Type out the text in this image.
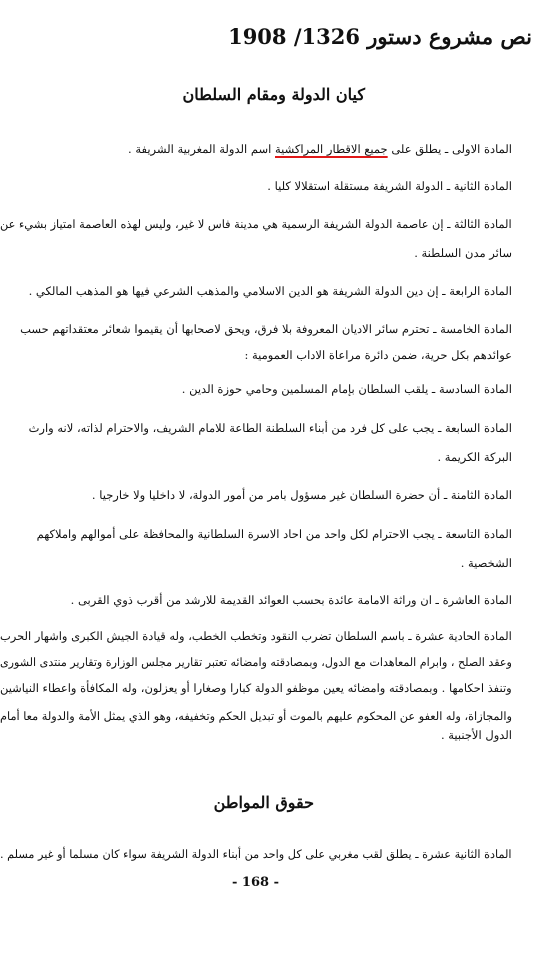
نص مشروع دستور 1326/ 1908
كيان الدولة ومقام السلطان
المادة الاولى ـ يطلق على جميع الاقطار المراكشية اسم الدولة المغربية الشريفة .
المادة الثانية ـ الدولة الشريفة مستقلة استقلالا كليا .
المادة الثالثة ـ إن عاصمة الدولة الشريفة الرسمية هي مدينة فاس لا غير، وليس لهذه العاصمة امتياز بشيء عن
سائر مدن السلطنة .
المادة الرابعة ـ إن دين الدولة الشريفة هو الدين الاسلامي والمذهب الشرعي فيها هو المذهب المالكي .
المادة الخامسة ـ تحترم سائر الاديان المعروفة بلا فرق، ويحق لاصحابها أن يقيموا شعائر معتقداتهم حسب
عوائدهم بكل حرية، ضمن دائرة مراعاة الاداب العمومية :
المادة السادسة ـ يلقب السلطان بإمام المسلمين وحامي حوزة الدين .
المادة السابعة ـ يجب على كل فرد من أبناء السلطنة الطاعة للامام الشريف، والاحترام لذاته، لانه وارث
البركة الكريمة .
المادة الثامنة ـ أن حضرة السلطان غير مسؤول بامر من أمور الدولة، لا داخليا ولا خارجيا .
المادة التاسعة ـ يجب الاحترام لكل واحد من احاد الاسرة السلطانية والمحافظة على أموالهم واملاكهم
الشخصية .
المادة العاشرة ـ ان وراثة الامامة عائدة بحسب العوائد القديمة للارشد من أقرب ذوي القربى .
المادة الحادية عشرة ـ باسم السلطان تضرب النقود وتخطب الخطب، وله قيادة الجيش الكبرى واشهار الحرب
وعقد الصلح ، وابرام المعاهدات مع الدول، وبمصادقته وامضائه تعتبر تقارير مجلس الوزارة وتقارير منتدى الشورى
وتنفذ احكامها . وبمصادقته وامضائه يعين موظفو الدولة كبارا وصغارا أو يعزلون، وله المكافأة واعطاء النياشين
والمجازاة، وله العفو عن المحكوم عليهم بالموت أو تبديل الحكم وتخفيفه، وهو الذي يمثل الأمة والدولة معا أمام
الدول الأجنبية .
حقوق المواطن
المادة الثانية عشرة ـ يطلق لقب مغربي على كل واحد من أبناء الدولة الشريفة سواء كان مسلما أو غير مسلم .
- 168 -
